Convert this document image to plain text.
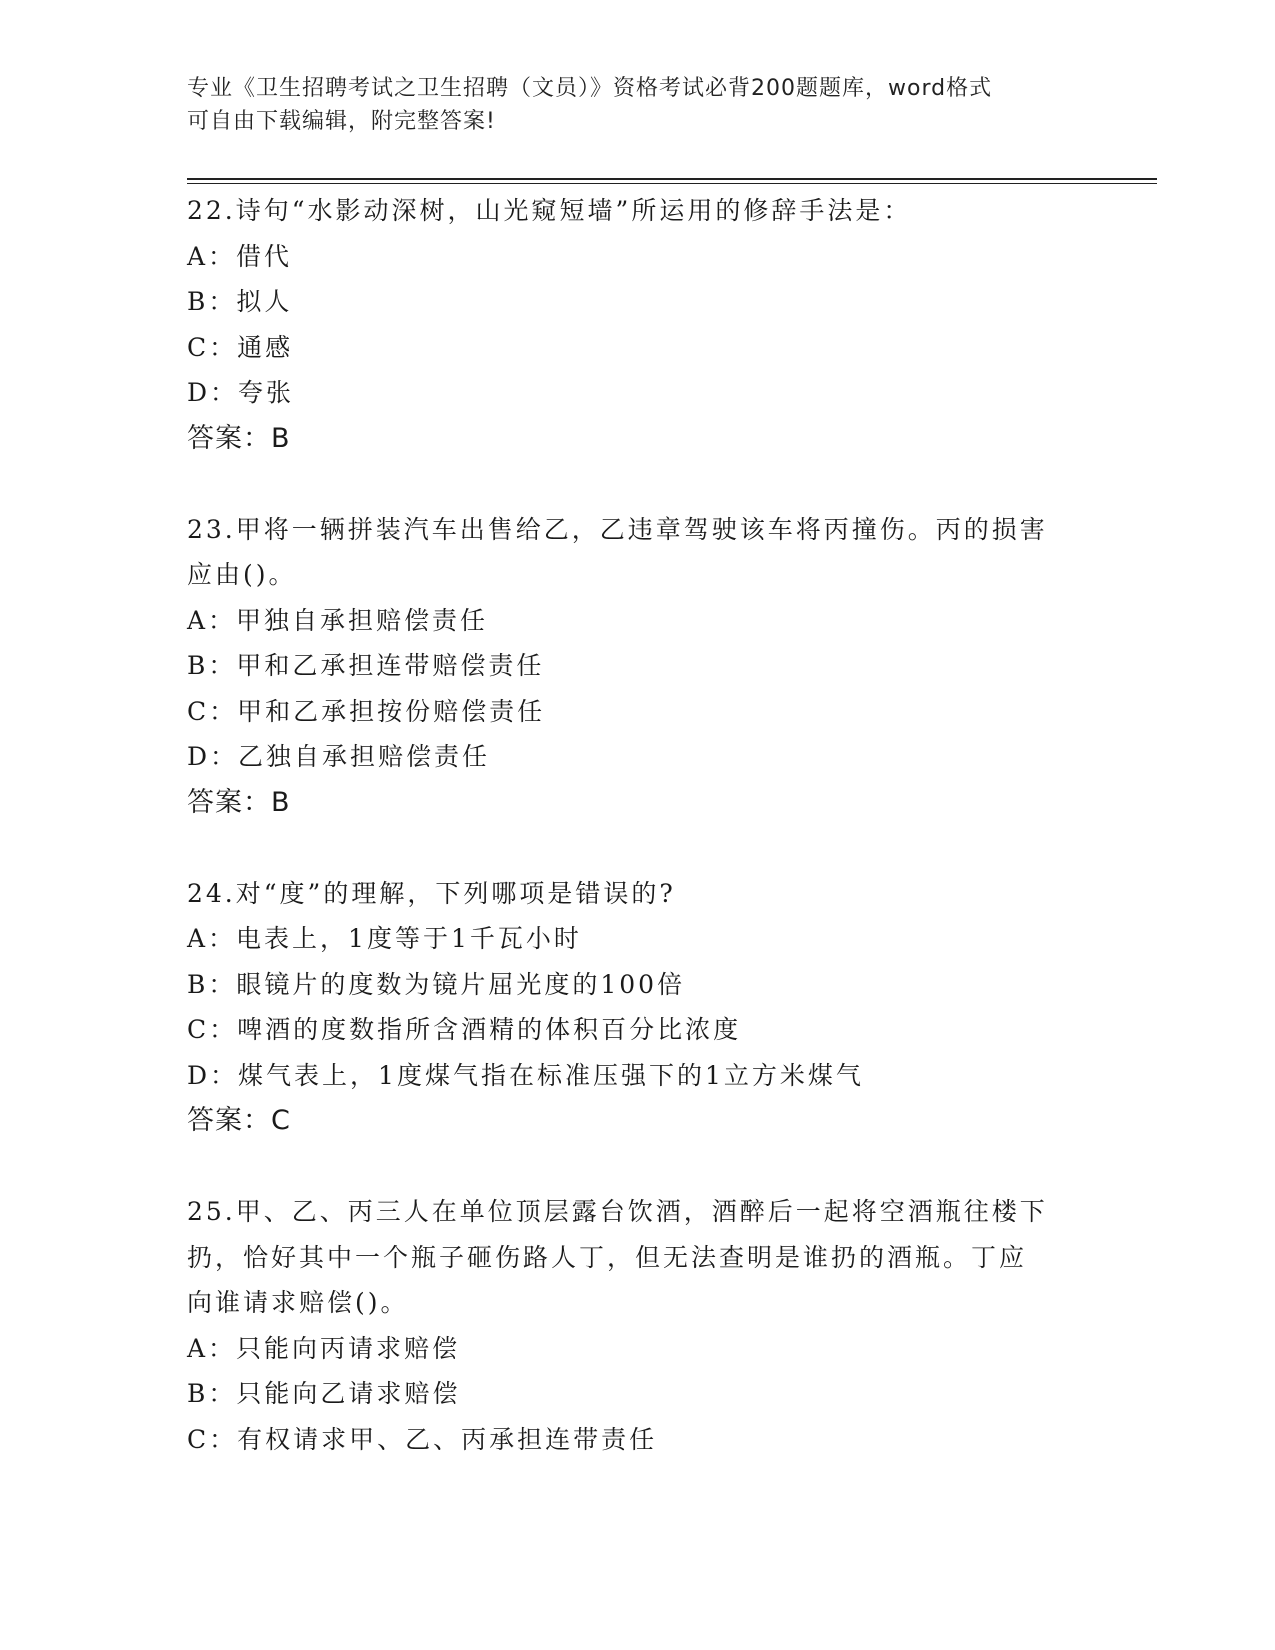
专业《卫生招聘考试之卫生招聘（文员）》资格考试必背200题题库，word格式
可自由下载编辑，附完整答案!
22.诗句“水影动深树，山光窥短墙”所运用的修辞手法是：
A：借代
B：拟人
C：通感
D：夸张
答案：B
23.甲将一辆拼装汽车出售给乙，乙违章驾驶该车将丙撞伤。丙的损害
应由()。
A：甲独自承担赔偿责任
B：甲和乙承担连带赔偿责任
C：甲和乙承担按份赔偿责任
D：乙独自承担赔偿责任
答案：B
24.对“度”的理解，下列哪项是错误的?
A：电表上，1度等于1千瓦小时
B：眼镜片的度数为镜片屈光度的100倍
C：啤酒的度数指所含酒精的体积百分比浓度
D：煤气表上，1度煤气指在标准压强下的1立方米煤气
答案：C
25.甲、乙、丙三人在单位顶层露台饮酒，酒醉后一起将空酒瓶往楼下
扔，恰好其中一个瓶子砸伤路人丁，但无法查明是谁扔的酒瓶。丁应
向谁请求赔偿()。
A：只能向丙请求赔偿
B：只能向乙请求赔偿
C：有权请求甲、乙、丙承担连带责任
